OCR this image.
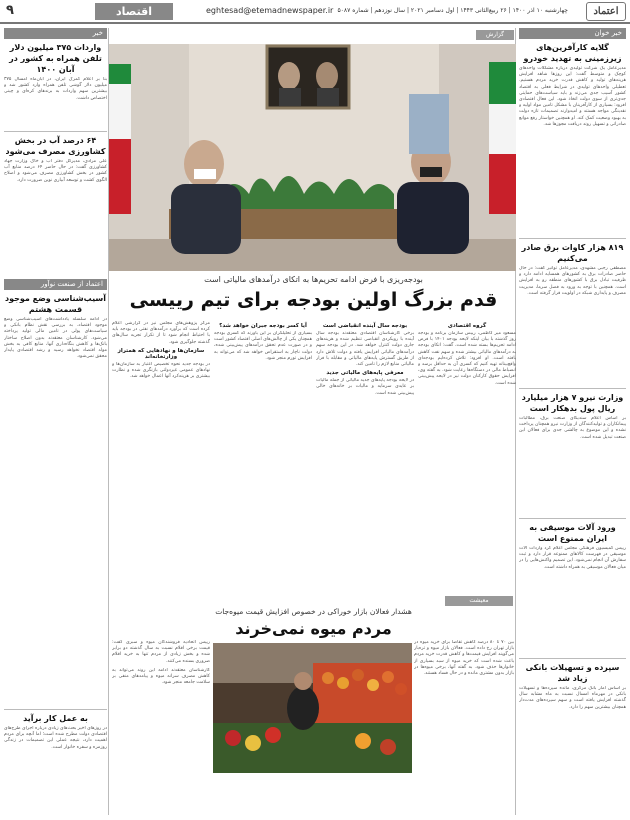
۹	اقتصاد	eghtesad@etemadnewspaper.ir چهارشنبه ۱۰ آذر ۱۴۰۰ | ۲۶ ربیع‌الثانی ۱۴۴۳ | اول دسامبر ۲۰۲۱ | سال نوزدهم | شماره ۵۰۸۷	اعتماد
خبر خوان
گلایه کارآفرین‌های زیرزمینی به تهدید خودرو
مدیرعامل یک شرکت تولیدی درباره مشکلات واحدهای کوچک و متوسط گفت: این روزها شاهد افزایش هزینه‌های تولید و کاهش قدرت خرید مردم هستیم. تعطیلی واحدهای تولیدی در شرایط فعلی به اقتصاد کشور آسیب جدی می‌زند و باید سیاست‌های حمایتی جدی‌تری از سوی دولت اتخاذ شود. این فعال اقتصادی افزود: بسیاری از کارآفرینان با مشکل تامین مواد اولیه و نقدینگی مواجه هستند و امیدوارند تصمیمات تازه دولت به بهبود وضعیت کمک کند. او همچنین خواستار رفع موانع صادراتی و تسهیل روند دریافت مجوزها شد.
۸۱۹ هزار کاوات برق صادر می‌کنیم
مصطفی رجبی مشهدی، مدیرعامل توانیر گفت: در حال حاضر صادرات برق به کشورهای همسایه ادامه دارد و ظرفیت تبادل برق با کشورهای منطقه رو به افزایش است. همچنین با توجه به ورود به فصل سرما، مدیریت مصرف و پایداری شبکه در اولویت قرار گرفته است.
وزارت نیرو ۷ هزار میلیارد ریال پول بدهکار است
بر اساس اعلام سندیکای صنعت برق، مطالبات پیمانکاران و تولیدکنندگان از وزارت نیرو همچنان پرداخت نشده و این موضوع به چالشی جدی برای فعالان این صنعت تبدیل شده است.
ورود آلات موسیقی به ایران ممنوع است
رییس کمیسیون فرهنگی مجلس اعلام کرد واردات آلات موسیقی در فهرست کالاهای ممنوعه قرار دارد و ثبت سفارش آن انجام نمی‌شود. این تصمیم واکنش‌هایی را در میان فعالان موسیقی به همراه داشته است.
سپرده و تسهیلات بانکی زیاد شد
بر اساس آمار بانک مرکزی، مانده سپرده‌ها و تسهیلات بانکی در مهرماه امسال نسبت به ماه مشابه سال گذشته افزایش یافته است و سهم سپرده‌های مدت‌دار همچنان بیشترین سهم را دارد.
خبر
واردات ۳۷۵ میلیون دلار تلفن همراه به کشور در آبان ۱۴۰۰
بنا بر اعلام گمرک ایران، در آبان‌ماه امسال ۳۷۵ میلیون دلار گوشی تلفن همراه وارد کشور شد و بیشترین سهم واردات به برندهای کره‌ای و چینی اختصاص داشت.
۶۴ درصد آب در بخش کشاورزی مصرف می‌شود
علی مرادی، مدیرکل دفتر آب و خاک وزارت جهاد کشاورزی گفت: در حال حاضر ۶۴ درصد منابع آب کشور در بخش کشاورزی مصرف می‌شود و اصلاح الگوی کشت و توسعه آبیاری نوین ضرورت دارد.
اعتماد از صنعت نوآور
آسیب‌شناسی وضع موجود قسمت هشتم
در ادامه سلسله یادداشت‌های آسیب‌شناسی وضع موجود اقتصاد، به بررسی نقش نظام بانکی و سیاست‌های پولی در تامین مالی تولید پرداخته می‌شود. کارشناسان معتقدند بدون اصلاح ساختار بانک‌ها و کاهش بنگاه‌داری آنها، منابع کافی به بخش مولد اقتصاد نخواهد رسید و رشد اقتصادی پایدار محقق نمی‌شود.
به عمل کار برآید
در روزهای اخیر بحث‌های زیادی درباره اجرای طرح‌های اقتصادی دولت مطرح شده است؛ اما آنچه برای مردم اهمیت دارد، نتیجه عملی این تصمیمات در زندگی روزمره و سفره خانوار است.
گزارش
بودجه‌ریزی با فرض ادامه تحریم‌ها به اتکای درآمدهای مالیاتی است
قدم بزرگ اولین بودجه برای تیم رییسی
گروه اقتصادی
مسعود میر کاظمی، رییس سازمان برنامه و بودجه روز گذشته با بیان اینکه لایحه بودجه ۱۴۰۱ با فرض ادامه تحریم‌ها بسته شده است، گفت: اتکای بودجه به درآمدهای مالیاتی بیشتر شده و سهم نفت کاهش یافته است. او افزود: تلاش کرده‌ایم بودجه‌ای واقع‌بینانه تهیه کنیم که کسری آن به حداقل برسد و انضباط مالی در دستگاه‌ها رعایت شود. به گفته وی، افزایش حقوق کارکنان دولت نیز در لایحه پیش‌بینی شده است.
بودجه سال آینده انقباضی است
برخی کارشناسان اقتصادی معتقدند بودجه سال آینده با رویکردی انقباضی تنظیم شده و هزینه‌های جاری دولت کنترل خواهد شد. در این بودجه سهم درآمدهای مالیاتی افزایش یافته و دولت تلاش دارد از طریق گسترش پایه‌های مالیاتی و مقابله با فرار مالیاتی منابع لازم را تامین کند.
معرفی پایه‌های مالیاتی جدید
در لایحه بودجه پایه‌های جدید مالیاتی از جمله مالیات بر عایدی سرمایه و مالیات بر خانه‌های خالی پیش‌بینی شده است.
آیا کسر بودجه جبران خواهد شد؟
بسیاری از تحلیلگران بر این باورند که کسری بودجه همچنان یکی از چالش‌های اصلی اقتصاد کشور است و در صورت عدم تحقق درآمدهای پیش‌بینی شده، دولت ناچار به استقراض خواهد شد که می‌تواند به افزایش تورم منجر شود.
مرکز پژوهش‌های مجلس نیز در گزارشی اعلام کرده است که برآورد درآمدهای نفتی در بودجه باید با احتیاط انجام شود تا از تکرار تجربه سال‌های گذشته جلوگیری شود.
سازمان‌ها و نهادهایی که همتراز وزارتخانه‌اند
در بودجه جدید نحوه تخصیص اعتبار به سازمان‌ها و نهادهای عمومی غیردولتی بازنگری شده و نظارت بیشتری بر هزینه‌کرد آنها اعمال خواهد شد.
معیشت
هشدار فعالان بازار خوراکی در خصوص افزایش قیمت میوه‌جات
مردم میوه نمی‌خرند
بین ۷۰ تا ۸۰ درصد کاهش تقاضا برای خرید میوه در بازار تهران رخ داده است. فعالان بازار میوه و تره‌بار می‌گویند افزایش قیمت‌ها و کاهش قدرت خرید مردم باعث شده است که خرید میوه از سبد بسیاری از خانوارها حذف شود. به گفته آنها، برخی میوه‌ها در بازار بدون مشتری مانده و در حال فساد هستند.
رییس اتحادیه فروشندگان میوه و سبزی گفت: قیمت برخی اقلام نسبت به سال گذشته دو برابر شده و بخش زیادی از مردم تنها به خرید اقلام ضروری بسنده می‌کنند.
کارشناسان معتقدند ادامه این روند می‌تواند به کاهش مصرف سرانه میوه و پیامدهای منفی بر سلامت جامعه منجر شود.
